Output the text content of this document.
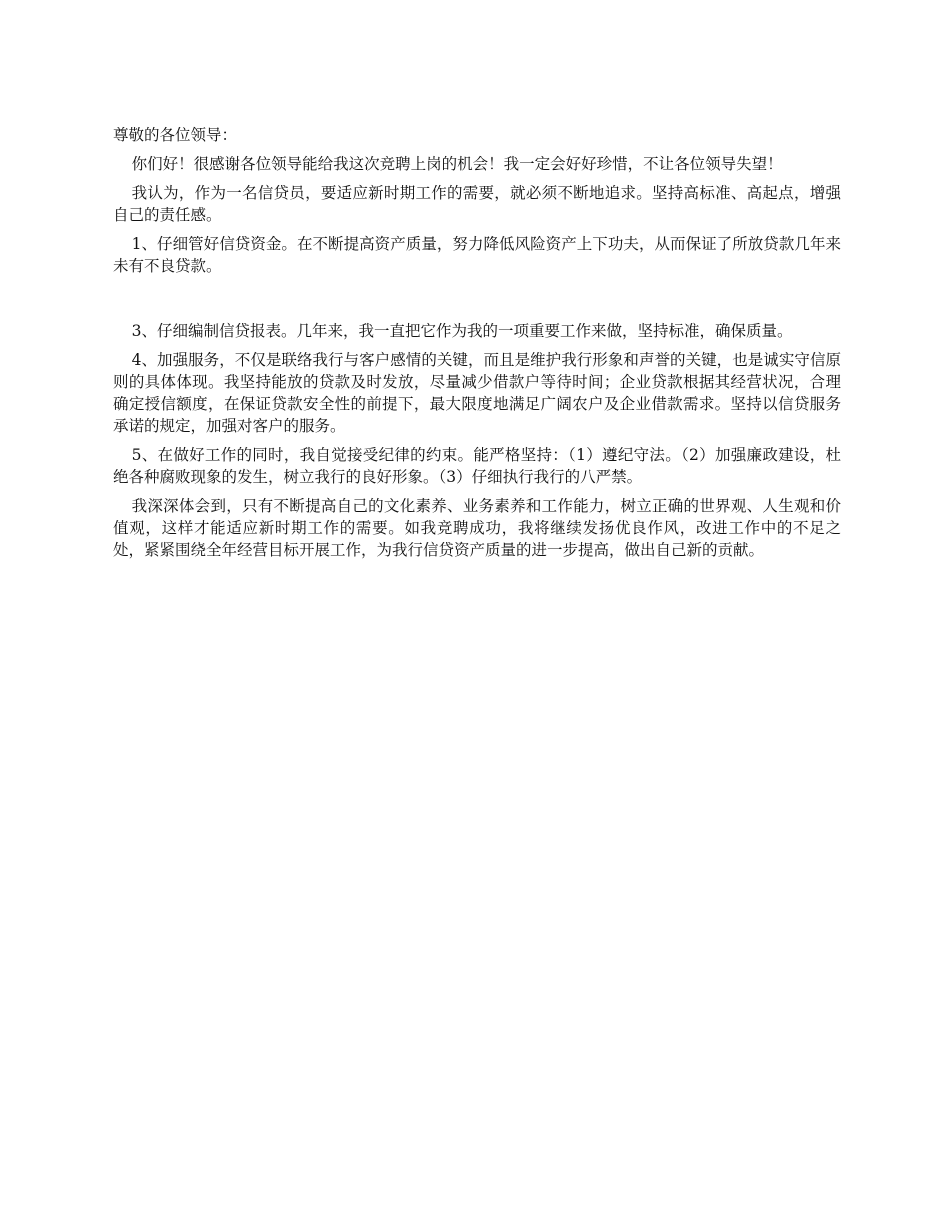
尊敬的各位领导：

你们好！很感谢各位领导能给我这次竞聘上岗的机会！我一定会好好珍惜，不让各位领导失望！

我认为，作为一名信贷员，要适应新时期工作的需要，就必须不断地追求。坚持高标准、高起点，增强自己的责任感。

1、仔细管好信贷资金。在不断提高资产质量，努力降低风险资产上下功夫，从而保证了所放贷款几年来未有不良贷款。

3、仔细编制信贷报表。几年来，我一直把它作为我的一项重要工作来做，坚持标准，确保质量。

4、加强服务，不仅是联络我行与客户感情的关键，而且是维护我行形象和声誉的关键，也是诚实守信原则的具体体现。我坚持能放的贷款及时发放，尽量减少借款户等待时间；企业贷款根据其经营状况，合理确定授信额度，在保证贷款安全性的前提下，最大限度地满足广阔农户及企业借款需求。坚持以信贷服务承诺的规定，加强对客户的服务。

5、在做好工作的同时，我自觉接受纪律的约束。能严格坚持：（1）遵纪守法。（2）加强廉政建设，杜绝各种腐败现象的发生，树立我行的良好形象。（3）仔细执行我行的八严禁。

我深深体会到，只有不断提高自己的文化素养、业务素养和工作能力，树立正确的世界观、人生观和价值观，这样才能适应新时期工作的需要。如我竞聘成功，我将继续发扬优良作风，改进工作中的不足之处，紧紧围绕全年经营目标开展工作，为我行信贷资产质量的进一步提高，做出自己新的贡献。
